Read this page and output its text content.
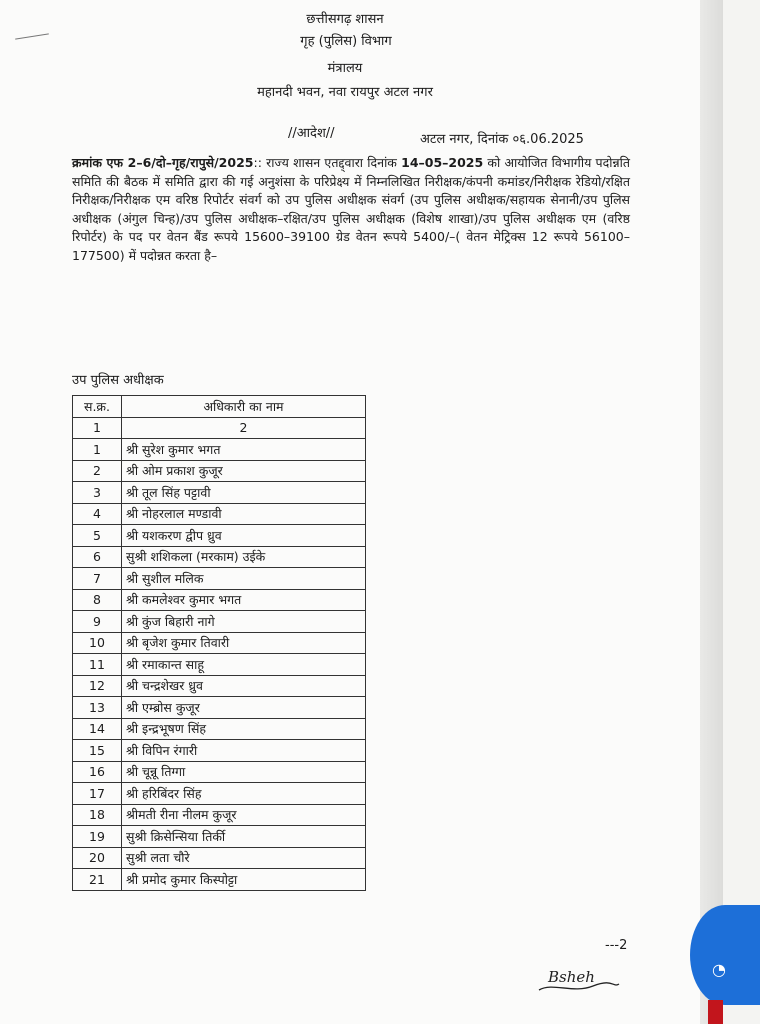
◔
छत्तीसगढ़ शासन
गृह (पुलिस) विभाग
मंत्रालय
महानदी भवन, नवा रायपुर अटल नगर
//आदेश//	अटल नगर, दिनांक ०६.06.2025
क्रमांक एफ 2–6/दो–गृह/रापुसे/2025:: राज्य शासन एतद्द्वारा दिनांक 14–05–2025 को आयोजित विभागीय पदोन्नति समिति की बैठक में समिति द्वारा की गई अनुशंसा के परिप्रेक्ष्य में निम्नलिखित निरीक्षक/कंपनी कमांडर/निरीक्षक रेडियो/रक्षित निरीक्षक/निरीक्षक एम वरिष्ठ रिपोर्टर संवर्ग को उप पुलिस अधीक्षक संवर्ग (उप पुलिस अधीक्षक/सहायक सेनानी/उप पुलिस अधीक्षक (अंगुल चिन्ह)/उप पुलिस अधीक्षक–रक्षित/उप पुलिस अधीक्षक (विशेष शाखा)/उप पुलिस अधीक्षक एम (वरिष्ठ रिपोर्टर) के पद पर वेतन बैंड रूपये 15600–39100 ग्रेड वेतन रूपये 5400/–( वेतन मेट्रिक्स 12 रूपये 56100–177500) में पदोन्नत करता है–
उप पुलिस अधीक्षक
स.क्र.	अधिकारी का नाम
1	2
1	श्री सुरेश कुमार भगत
2	श्री ओम प्रकाश कुजूर
3	श्री तूल सिंह पट्टावी
4	श्री नोहरलाल मण्डावी
5	श्री यशकरण द्वीप ध्रुव
6	सुश्री शशिकला (मरकाम) उईके
7	श्री सुशील मलिक
8	श्री कमलेश्वर कुमार भगत
9	श्री कुंज बिहारी नागे
10	श्री बृजेश कुमार तिवारी
11	श्री रमाकान्त साहू
12	श्री चन्द्रशेखर ध्रुव
13	श्री एम्ब्रोस कुजूर
14	श्री इन्द्रभूषण सिंह
15	श्री विपिन रंगारी
16	श्री चून्नू तिग्गा
17	श्री हरिबिंदर सिंह
18	श्रीमती रीना नीलम कुजूर
19	सुश्री क्रिसेन्सिया तिर्की
20	सुश्री लता चौरे
21	श्री प्रमोद कुमार किस्पोट्टा
---2
Bsheh
